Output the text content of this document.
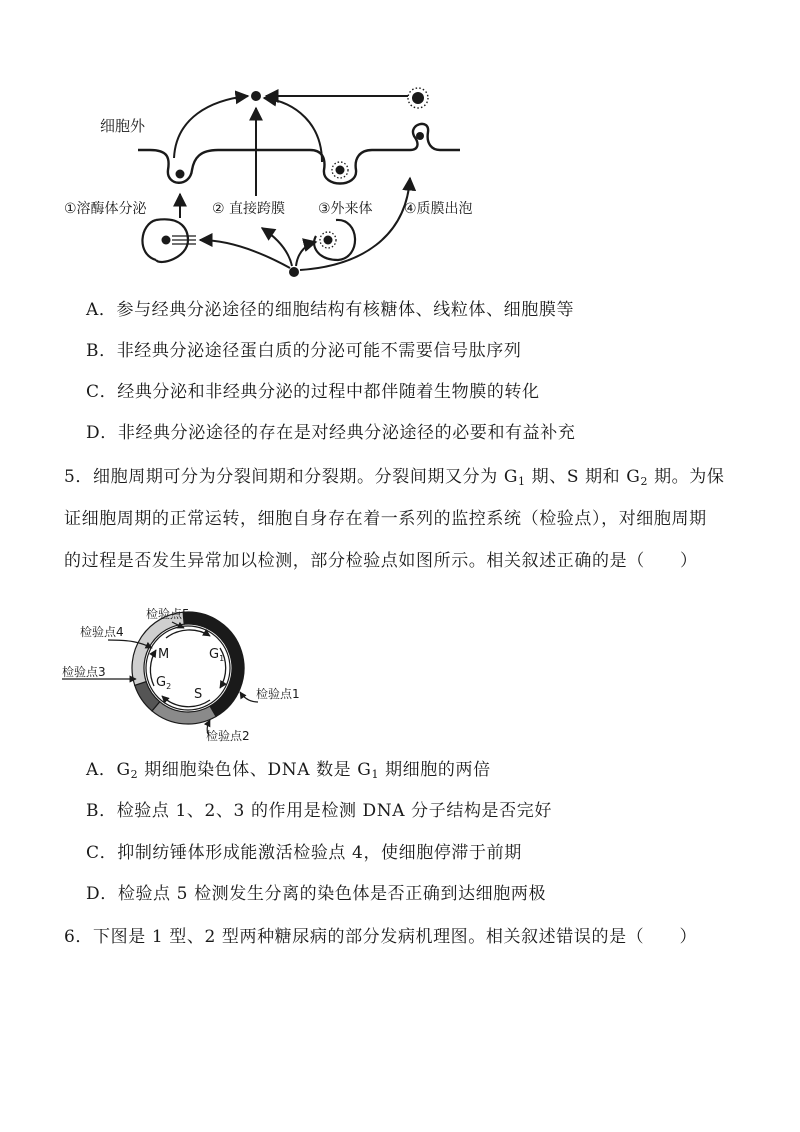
细胞外
①溶酶体分泌	② 直接跨膜 ③外来体 ④质膜出泡
A．参与经典分泌途径的细胞结构有核糖体、线粒体、细胞膜等
B．非经典分泌途径蛋白质的分泌可能不需要信号肽序列
C．经典分泌和非经典分泌的过程中都伴随着生物膜的转化
D．非经典分泌途径的存在是对经典分泌途径的必要和有益补充
5．细胞周期可分为分裂间期和分裂期。分裂间期又分为 $G_1$ 期、S 期和 $G_2$ 期。为保
证细胞周期的正常运转，细胞自身存在着一系列的监控系统（检验点），对细胞周期
的过程是否发生异常加以检测，部分检验点如图所示。相关叙述正确的是（　　）
M	$G_1$
$G_2$
S
检验点5
检验点4
检验点3
检验点1
检验点2
A．$G_2$ 期细胞染色体、DNA 数是 $G_1$ 期细胞的两倍
B．检验点 1、2、3 的作用是检测 DNA 分子结构是否完好
C．抑制纺锤体形成能激活检验点 4，使细胞停滞于前期
D．检验点 5 检测发生分离的染色体是否正确到达细胞两极
6．下图是 1 型、2 型两种糖尿病的部分发病机理图。相关叙述错误的是（　　）
